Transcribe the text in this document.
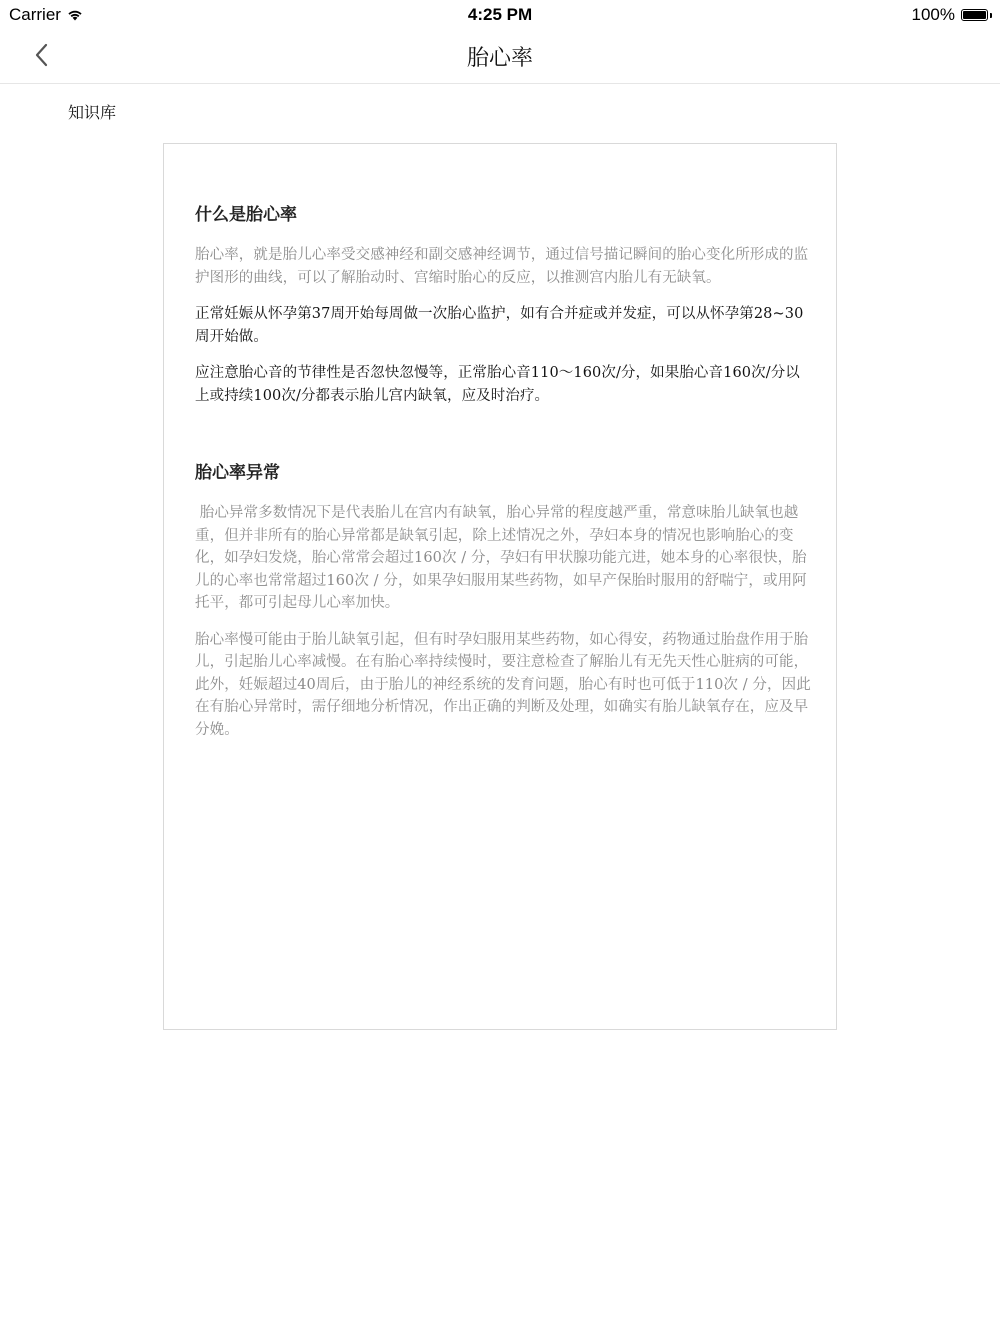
Carrier	4:25 PM	100%
胎心率
知识库
什么是胎心率

胎心率，就是胎儿心率受交感神经和副交感神经调节，通过信号描记瞬间的胎心变化所形成的监护图形的曲线，可以了解胎动时、宫缩时胎心的反应，以推测宫内胎儿有无缺氧。

正常妊娠从怀孕第37周开始每周做一次胎心监护，如有合并症或并发症，可以从怀孕第28~30周开始做。

应注意胎心音的节律性是否忽快忽慢等，正常胎心音110～160次/分，如果胎心音160次/分以上或持续100次/分都表示胎儿宫内缺氧，应及时治疗。

胎心率异常

胎心异常多数情况下是代表胎儿在宫内有缺氧，胎心异常的程度越严重，常意味胎儿缺氧也越重，但并非所有的胎心异常都是缺氧引起，除上述情况之外，孕妇本身的情况也影响胎心的变化，如孕妇发烧，胎心常常会超过160次 / 分，孕妇有甲状腺功能亢进，她本身的心率很快，胎儿的心率也常常超过160次 / 分，如果孕妇服用某些药物，如早产保胎时服用的舒喘宁，或用阿托平，都可引起母儿心率加快。

胎心率慢可能由于胎儿缺氧引起，但有时孕妇服用某些药物，如心得安，药物通过胎盘作用于胎儿，引起胎儿心率减慢。在有胎心率持续慢时，要注意检查了解胎儿有无先天性心脏病的可能，此外，妊娠超过40周后，由于胎儿的神经系统的发育问题，胎心有时也可低于110次 / 分，因此在有胎心异常时，需仔细地分析情况，作出正确的判断及处理，如确实有胎儿缺氧存在，应及早分娩。
